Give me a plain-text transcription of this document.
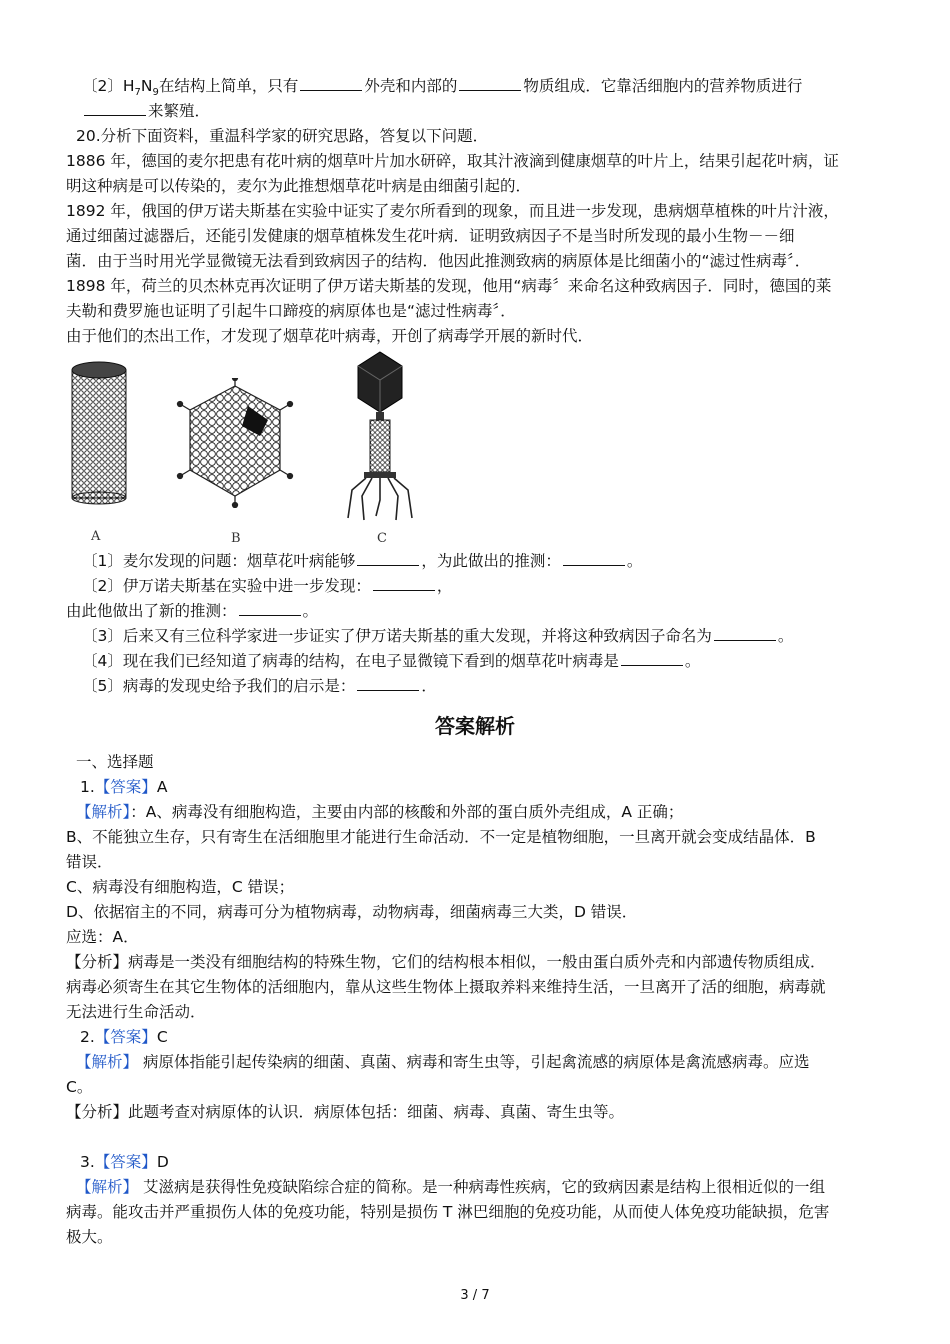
〔2〕$H_7N_9$在结构上简单，只有	外壳和内部的	物质组成．它靠活细胞内的营养物质进行
来繁殖．
20.分析下面资料，重温科学家的研究思路，答复以下问题．
1886 年，德国的麦尔把患有花叶病的烟草叶片加水研碎，取其汁液滴到健康烟草的叶片上，结果引起花叶病，证
明这种病是可以传染的，麦尔为此推想烟草花叶病是由细菌引起的．
1892 年，俄国的伊万诺夫斯基在实验中证实了麦尔所看到的现象，而且进一步发现，患病烟草植株的叶片汁液，
通过细菌过滤器后，还能引发健康的烟草植株发生花叶病．证明致病因子不是当时所发现的最小生物－－细
菌．由于当时用光学显微镜无法看到致病因子的结构．他因此推测致病的病原体是比细菌小的“滤过性病毒〞．
1898 年，荷兰的贝杰林克再次证明了伊万诺夫斯基的发现，他用“病毒〞来命名这种致病因子．同时，德国的莱
夫勒和费罗施也证明了引起牛口蹄疫的病原体也是“滤过性病毒〞．
由于他们的杰出工作，才发现了烟草花叶病毒，开创了病毒学开展的新时代．
A	B	C
〔1〕麦尔发现的问题：烟草花叶病能够	，为此做出的推测：	。
〔2〕伊万诺夫斯基在实验中进一步发现：	，
由此他做出了新的推测：	。
〔3〕后来又有三位科学家进一步证实了伊万诺夫斯基的重大发现，并将这种致病因子命名为	。
〔4〕现在我们已经知道了病毒的结构，在电子显微镜下看到的烟草花叶病毒是	。
〔5〕病毒的发现史给予我们的启示是：	．
答案解析
一、选择题
1.【答案】A
【解析】：A、病毒没有细胞构造，主要由内部的核酸和外部的蛋白质外壳组成，A 正确；
B、不能独立生存，只有寄生在活细胞里才能进行生命活动．不一定是植物细胞，一旦离开就会变成结晶体．B
错误．
C、病毒没有细胞构造，C 错误；
D、依据宿主的不同，病毒可分为植物病毒，动物病毒，细菌病毒三大类，D 错误．
应选：A．
【分析】病毒是一类没有细胞结构的特殊生物，它们的结构根本相似，一般由蛋白质外壳和内部遗传物质组成．
病毒必须寄生在其它生物体的活细胞内，靠从这些生物体上摄取养料来维持生活，一旦离开了活的细胞，病毒就
无法进行生命活动．
2.【答案】C
【解析】 病原体指能引起传染病的细菌、真菌、病毒和寄生虫等，引起禽流感的病原体是禽流感病毒。应选
C。
【分析】此题考查对病原体的认识．病原体包括：细菌、病毒、真菌、寄生虫等。
3.【答案】D
【解析】 艾滋病是获得性免疫缺陷综合症的简称。是一种病毒性疾病，它的致病因素是结构上很相近似的一组
病毒。能攻击并严重损伤人体的免疫功能，特别是损伤 T 淋巴细胞的免疫功能，从而使人体免疫功能缺损，危害
极大。
3 / 7
